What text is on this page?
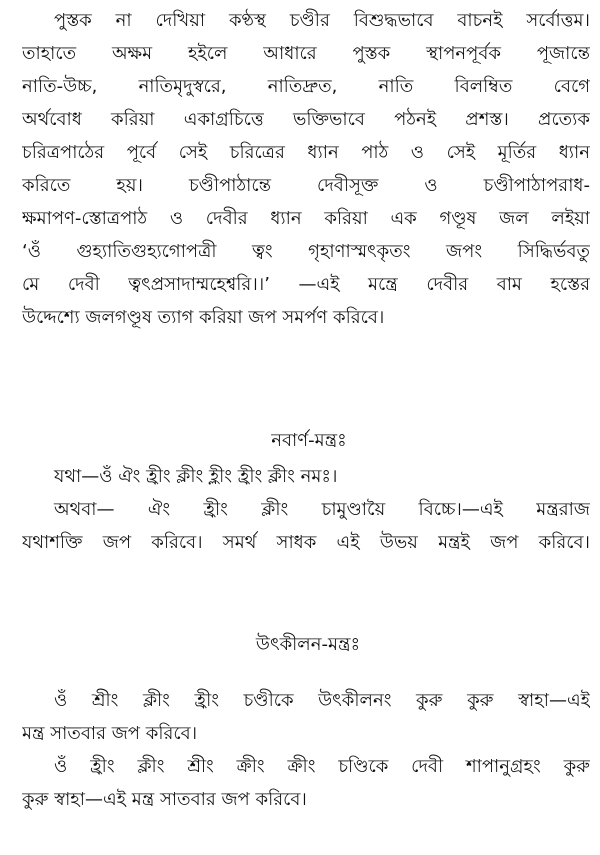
পুস্তক না দেখিয়া কণ্ঠস্থ চণ্ডীর বিশুদ্ধভাবে বাচনই সর্বোত্তম।
তাহাতে অক্ষম হইলে আধারে পুস্তক স্থাপনপূর্বক পূজান্তে
নাতি-উচ্চ, নাতিমৃদুস্বরে, নাতিদ্রুত, নাতি বিলম্বিত বেগে
অর্থবোধ করিয়া একাগ্রচিত্তে ভক্তিভাবে পঠনই প্রশস্ত। প্রত্যেক
চরিত্রপাঠের পূর্বে সেই চরিত্রের ধ্যান পাঠ ও সেই মূর্তির ধ্যান
করিতে হয়। চণ্ডীপাঠান্তে দেবীসূক্ত ও চণ্ডীপাঠাপরাধ-
ক্ষমাপণ-স্তোত্রপাঠ ও দেবীর ধ্যান করিয়া এক গণ্ডূষ জল লইয়া
‘ওঁ গুহ্যাতিগুহ্যগোপত্রী ত্বং গৃহাণাস্মৎকৃতং জপং সিদ্ধির্ভবতু
মে দেবী ত্বৎপ্রসাদাম্মহেশ্বরি।।’ —এই মন্ত্রে দেবীর বাম হস্তের
উদ্দেশ্যে জলগণ্ডূষ ত্যাগ করিয়া জপ সমর্পণ করিবে।
নবার্ণ-মন্ত্রঃ
যথা—ওঁ ঐং হ্রীং ক্লীং হ্লীং হ্রীং ক্লীং নমঃ।
অথবা— ঐং হ্রীং ক্লীং চামুণ্ডায়ৈ বিচ্চে।—এই মন্ত্ররাজ
যথাশক্তি জপ করিবে। সমর্থ সাধক এই উভয় মন্ত্রই জপ করিবে।
উৎকীলন-মন্ত্রঃ
ওঁ শ্রীং ক্লীং হ্রীং চণ্ডীকে উৎকীলনং কুরু কুরু স্বাহা—এই
মন্ত্র সাতবার জপ করিবে।
ওঁ হ্রীং ক্লীং শ্রীং ক্রীং ক্রীং চণ্ডিকে দেবী শাপানুগ্রহং কুরু
কুরু স্বাহা—এই মন্ত্র সাতবার জপ করিবে।
